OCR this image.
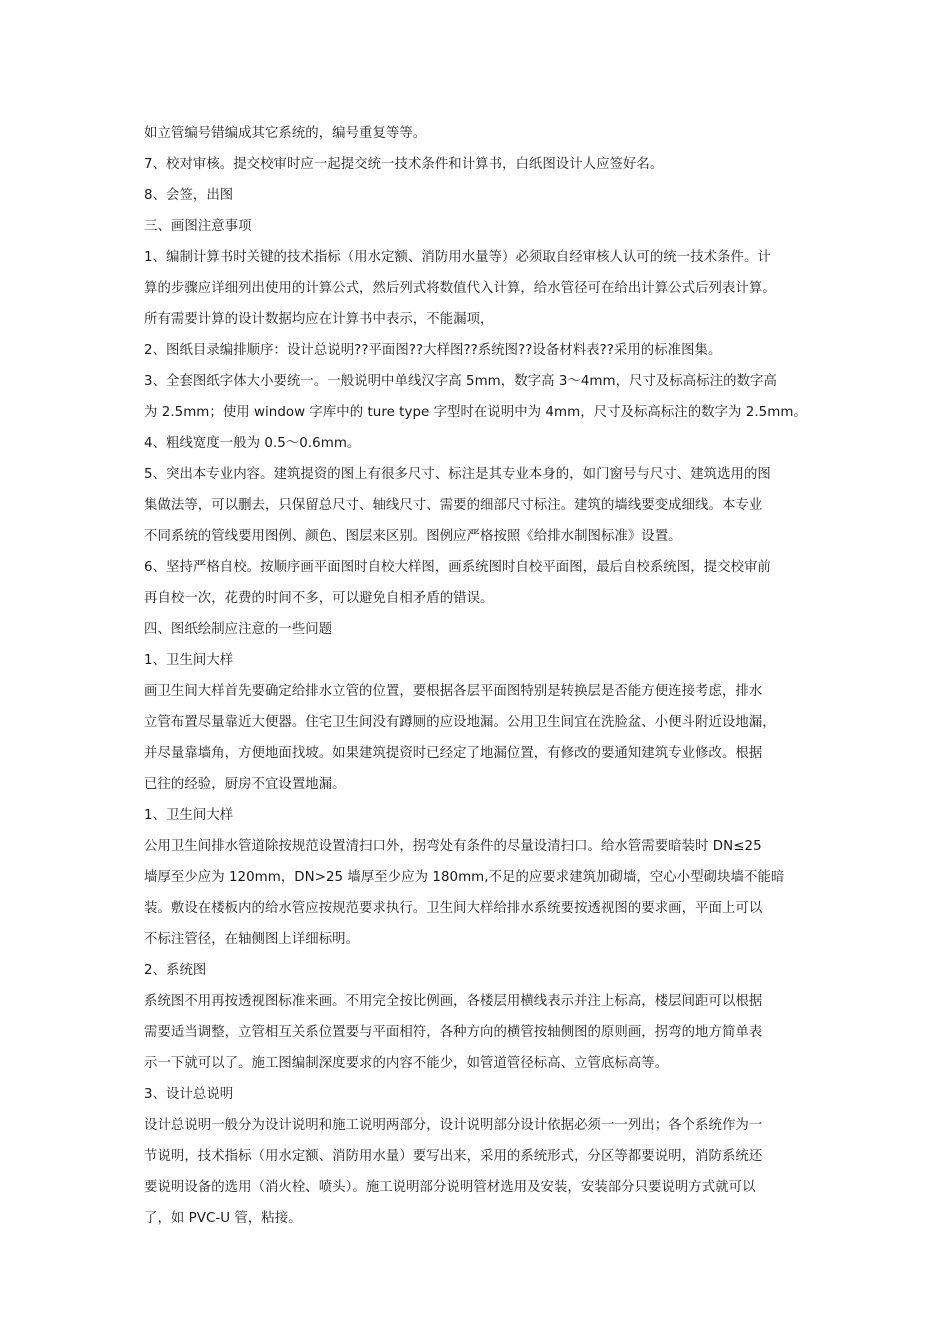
如立管编号错编成其它系统的，编号重复等等。
7、校对审核。提交校审时应一起提交统一技术条件和计算书，白纸图设计人应签好名。
8、会签，出图
三、画图注意事项
1、编制计算书时关键的技术指标（用水定额、消防用水量等）必须取自经审核人认可的统一技术条件。计
算的步骤应详细列出使用的计算公式，然后列式将数值代入计算，给水管径可在给出计算公式后列表计算。
所有需要计算的设计数据均应在计算书中表示，不能漏项，
2、图纸目录编排顺序：设计总说明??平面图??大样图??系统图??设备材料表??采用的标准图集。
3、全套图纸字体大小要统一。一般说明中单线汉字高 5mm，数字高 3～4mm，尺寸及标高标注的数字高
为 2.5mm；使用 window 字库中的 ture type 字型时在说明中为 4mm，尺寸及标高标注的数字为 2.5mm。
4、粗线宽度一般为 0.5～0.6mm。
5、突出本专业内容。建筑提资的图上有很多尺寸、标注是其专业本身的，如门窗号与尺寸、建筑选用的图
集做法等，可以删去，只保留总尺寸、轴线尺寸、需要的细部尺寸标注。建筑的墙线要变成细线。本专业
不同系统的管线要用图例、颜色、图层来区别。图例应严格按照《给排水制图标准》设置。
6、坚持严格自校。按顺序画平面图时自校大样图，画系统图时自校平面图，最后自校系统图，提交校审前
再自校一次，花费的时间不多，可以避免自相矛盾的错误。
四、图纸绘制应注意的一些问题
1、卫生间大样
画卫生间大样首先要确定给排水立管的位置，要根据各层平面图特别是转换层是否能方便连接考虑，排水
立管布置尽量靠近大便器。住宅卫生间没有蹲厕的应设地漏。公用卫生间宜在洗脸盆、小便斗附近设地漏，
并尽量靠墙角，方便地面找坡。如果建筑提资时已经定了地漏位置，有修改的要通知建筑专业修改。根据
已往的经验，厨房不宜设置地漏。
1、卫生间大样
公用卫生间排水管道除按规范设置清扫口外，拐弯处有条件的尽量设清扫口。给水管需要暗装时 DN≤25
墙厚至少应为 120mm，DN>25 墙厚至少应为 180mm,不足的应要求建筑加砌墙，空心小型砌块墙不能暗
装。敷设在楼板内的给水管应按规范要求执行。卫生间大样给排水系统要按透视图的要求画，平面上可以
不标注管径，在轴侧图上详细标明。
2、系统图
系统图不用再按透视图标准来画。不用完全按比例画，各楼层用横线表示并注上标高，楼层间距可以根据
需要适当调整，立管相互关系位置要与平面相符，各种方向的横管按轴侧图的原则画，拐弯的地方简单表
示一下就可以了。施工图编制深度要求的内容不能少，如管道管径标高、立管底标高等。
3、设计总说明
设计总说明一般分为设计说明和施工说明两部分，设计说明部分设计依据必须一一列出；各个系统作为一
节说明，技术指标（用水定额、消防用水量）要写出来，采用的系统形式，分区等都要说明，消防系统还
要说明设备的选用（消火栓、喷头）。施工说明部分说明管材选用及安装，安装部分只要说明方式就可以
了，如 PVC-U 管，粘接。
